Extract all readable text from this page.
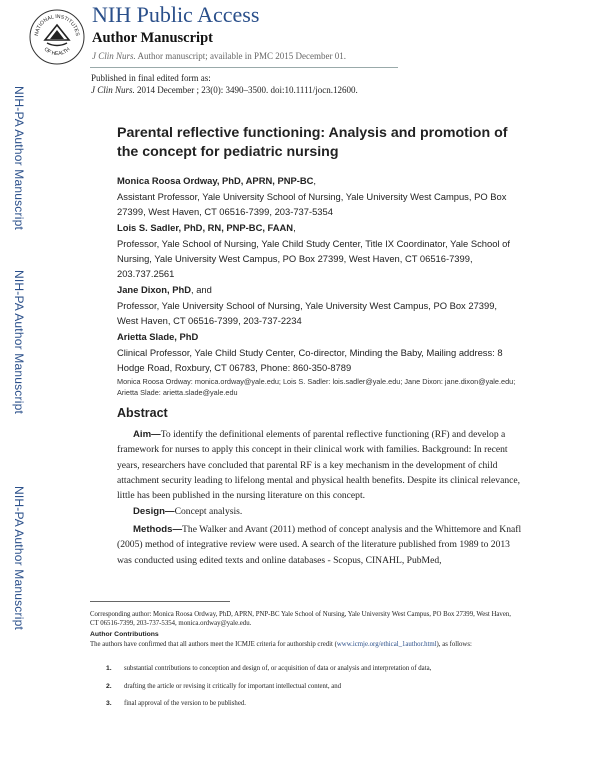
NATIONAL INSTITUTES
OF HEALTH
NIH Public Access
Author Manuscript
J Clin Nurs. Author manuscript; available in PMC 2015 December 01.
Published in final edited form as:
J Clin Nurs. 2014 December ; 23(0): 3490–3500. doi:10.1111/jocn.12600.
NIH-PA Author Manuscript
NIH-PA Author Manuscript
NIH-PA Author Manuscript
Parental reflective functioning: Analysis and promotion of the concept for pediatric nursing
Monica Roosa Ordway, PhD, APRN, PNP-BC,
Assistant Professor, Yale University School of Nursing, Yale University West Campus, PO Box 27399, West Haven, CT 06516-7399, 203-737-5354
Lois S. Sadler, PhD, RN, PNP-BC, FAAN,
Professor, Yale School of Nursing, Yale Child Study Center, Title IX Coordinator, Yale School of Nursing, Yale University West Campus, PO Box 27399, West Haven, CT 06516-7399, 203.737.2561
Jane Dixon, PhD, and
Professor, Yale University School of Nursing, Yale University West Campus, PO Box 27399, West Haven, CT 06516-7399, 203-737-2234
Arietta Slade, PhD
Clinical Professor, Yale Child Study Center, Co-director, Minding the Baby, Mailing address: 8 Hodge Road, Roxbury, CT 06783, Phone: 860-350-8789
Monica Roosa Ordway: monica.ordway@yale.edu; Lois S. Sadler: lois.sadler@yale.edu; Jane Dixon: jane.dixon@yale.edu; Arietta Slade: arietta.slade@yale.edu
Abstract
Aim—To identify the definitional elements of parental reflective functioning (RF) and develop a framework for nurses to apply this concept in their clinical work with families. Background: In recent years, researchers have concluded that parental RF is a key mechanism in the development of child attachment security leading to lifelong mental and physical health benefits. Despite its clinical relevance, little has been published in the nursing literature on this concept.
Design—Concept analysis.
Methods—The Walker and Avant (2011) method of concept analysis and the Whittemore and Knafl (2005) method of integrative review were used. A search of the literature published from 1989 to 2013 was conducted using edited texts and online databases - Scopus, CINAHL, PubMed,
Corresponding author: Monica Roosa Ordway, PhD, APRN, PNP-BC Yale School of Nursing, Yale University West Campus, PO Box 27399, West Haven, CT 06516-7399, 203-737-5354, monica.ordway@yale.edu.
Author Contributions
The authors have confirmed that all authors meet the ICMJE criteria for authorship credit (www.icmje.org/ethical_1author.html), as follows:
1. substantial contributions to conception and design of, or acquisition of data or analysis and interpretation of data,
2. drafting the article or revising it critically for important intellectual content, and
3. final approval of the version to be published.
